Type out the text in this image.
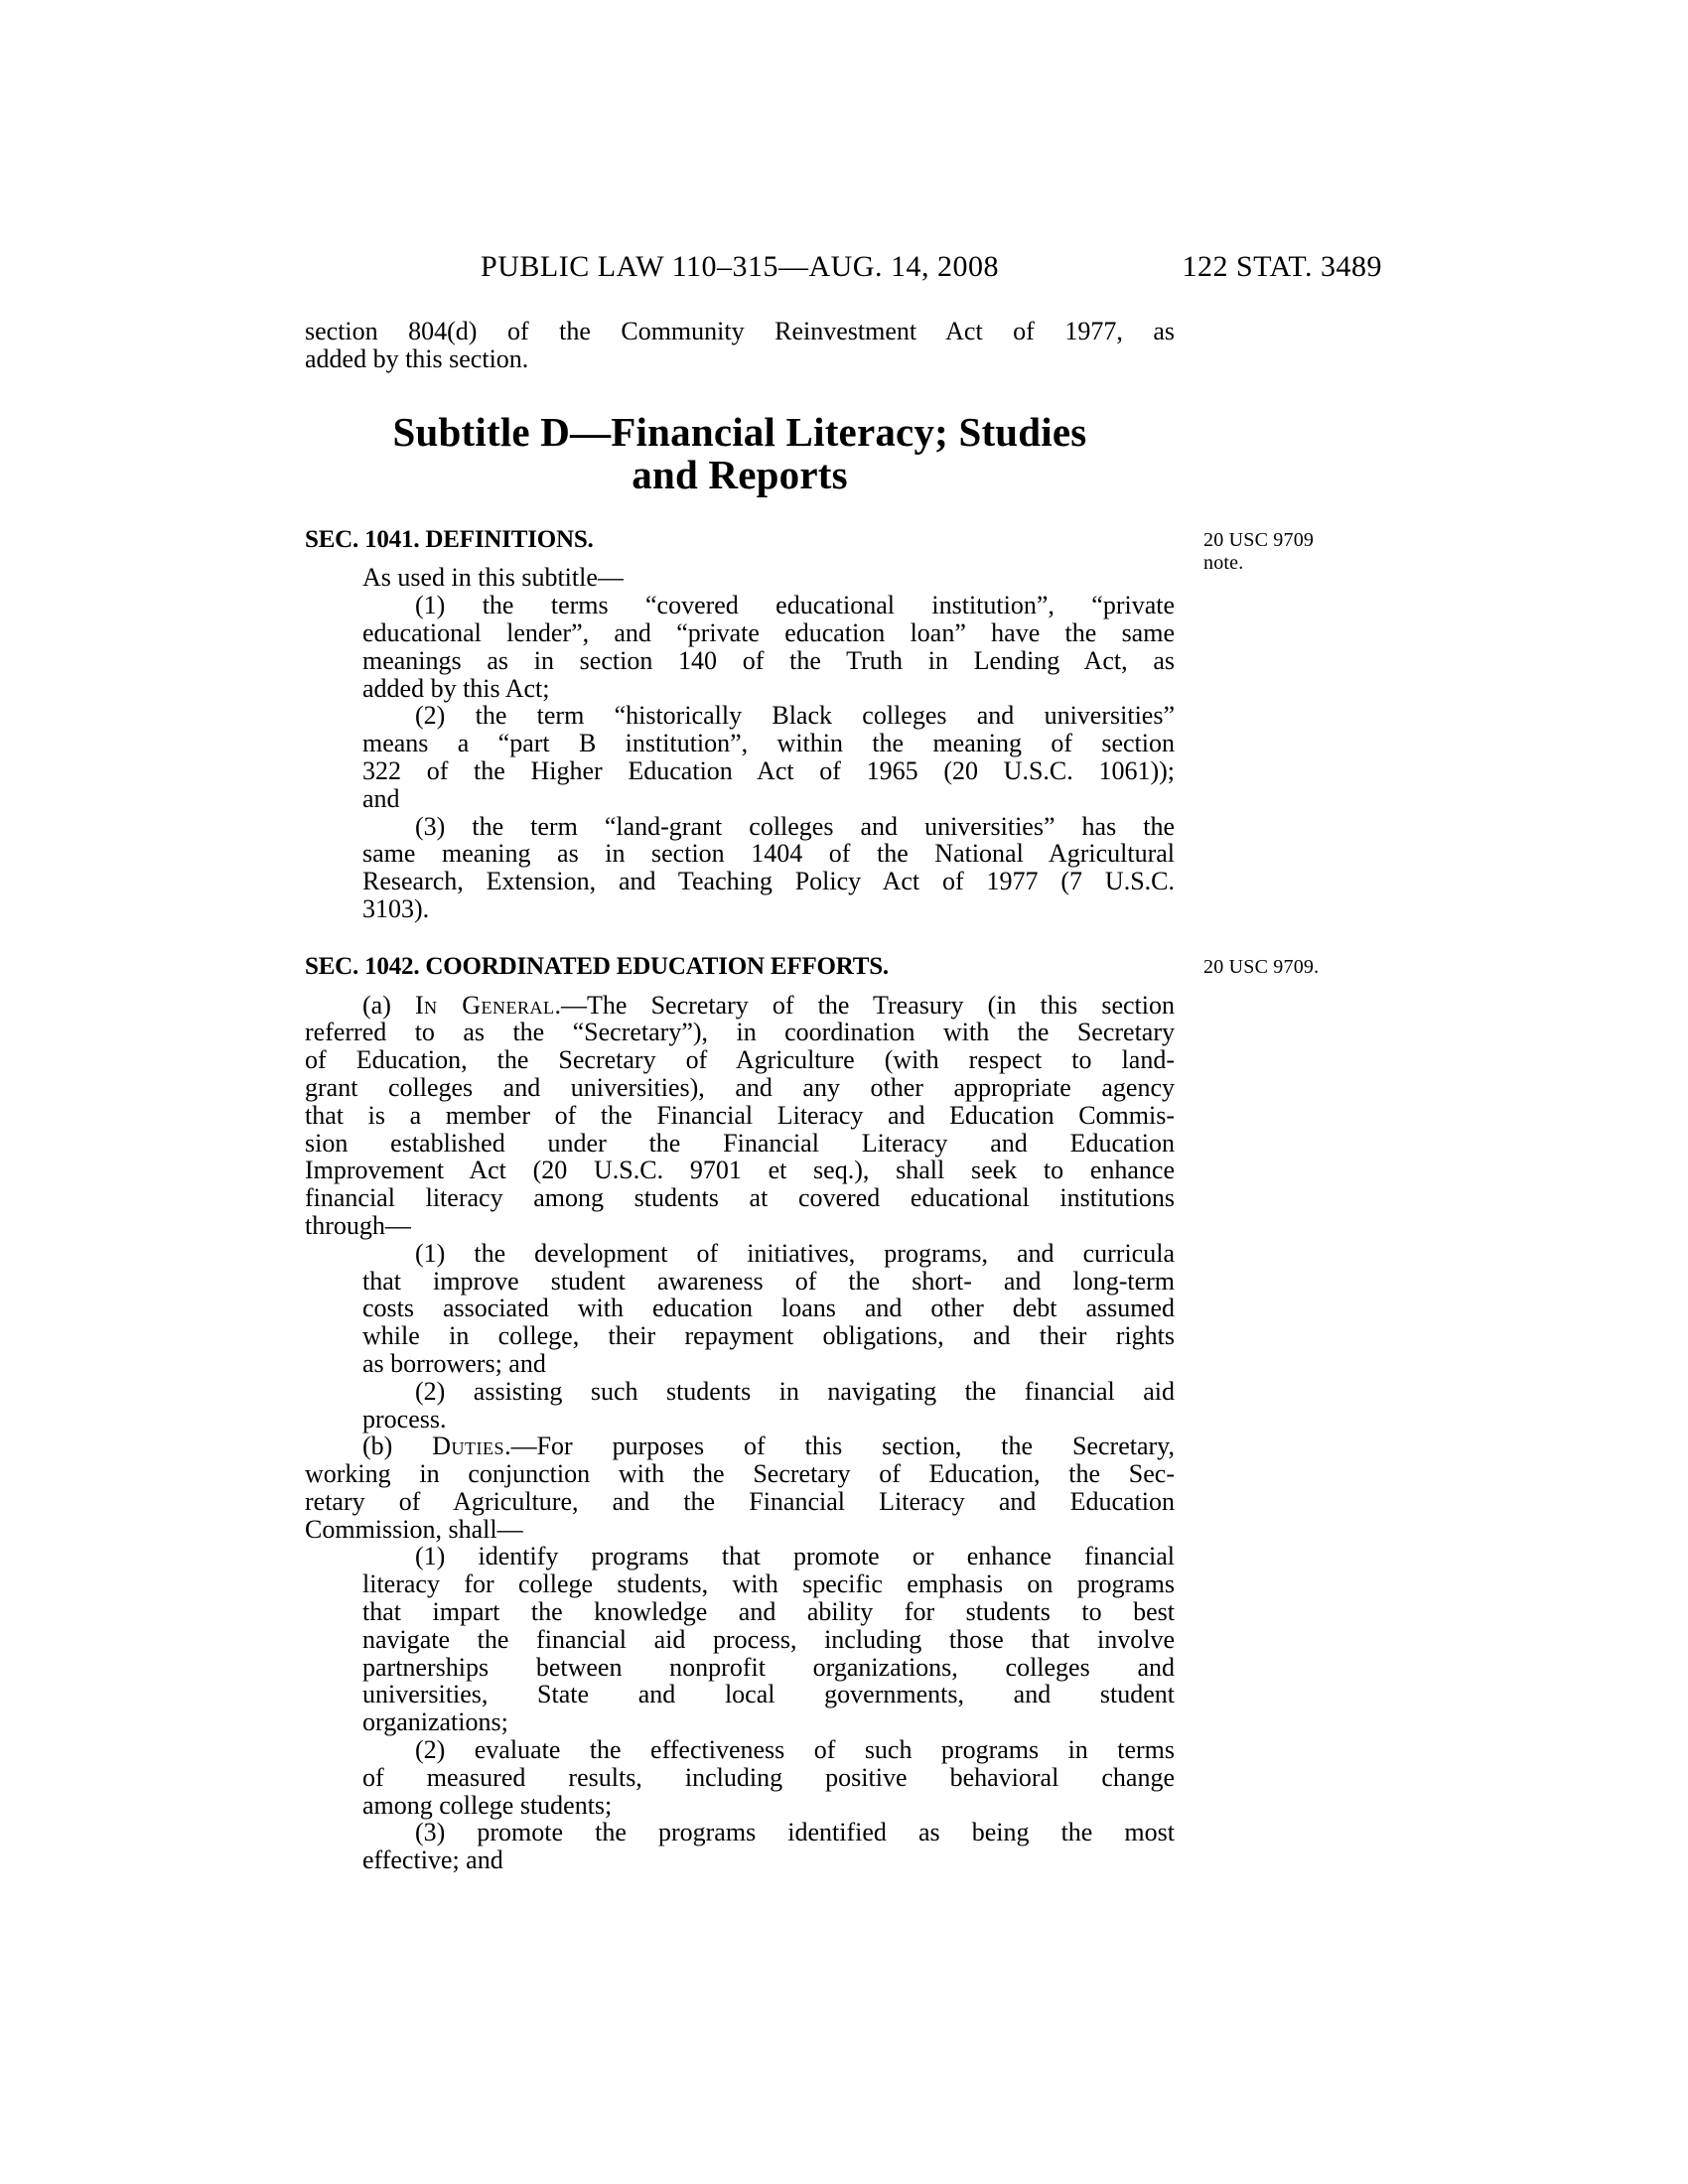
PUBLIC LAW 110–315—AUG. 14, 2008	122 STAT. 3489
section 804(d) of the Community Reinvestment Act of 1977, as
added by this section.
Subtitle D—Financial Literacy; Studies
and Reports
SEC. 1041. DEFINITIONS.	20 USC 9709
note.
As used in this subtitle—
(1) the terms “covered educational institution”, “private
educational lender”, and “private education loan” have the same
meanings as in section 140 of the Truth in Lending Act, as
added by this Act;
(2) the term “historically Black colleges and universities”
means a “part B institution”, within the meaning of section
322 of the Higher Education Act of 1965 (20 U.S.C. 1061));
and
(3) the term “land-grant colleges and universities” has the
same meaning as in section 1404 of the National Agricultural
Research, Extension, and Teaching Policy Act of 1977 (7 U.S.C.
3103).
SEC. 1042. COORDINATED EDUCATION EFFORTS.	20 USC 9709.
(a) In General.—The Secretary of the Treasury (in this section
referred to as the “Secretary”), in coordination with the Secretary
of Education, the Secretary of Agriculture (with respect to land-
grant colleges and universities), and any other appropriate agency
that is a member of the Financial Literacy and Education Commis-
sion established under the Financial Literacy and Education
Improvement Act (20 U.S.C. 9701 et seq.), shall seek to enhance
financial literacy among students at covered educational institutions
through—
(1) the development of initiatives, programs, and curricula
that improve student awareness of the short- and long-term
costs associated with education loans and other debt assumed
while in college, their repayment obligations, and their rights
as borrowers; and
(2) assisting such students in navigating the financial aid
process.
(b) Duties.—For purposes of this section, the Secretary,
working in conjunction with the Secretary of Education, the Sec-
retary of Agriculture, and the Financial Literacy and Education
Commission, shall—
(1) identify programs that promote or enhance financial
literacy for college students, with specific emphasis on programs
that impart the knowledge and ability for students to best
navigate the financial aid process, including those that involve
partnerships between nonprofit organizations, colleges and
universities, State and local governments, and student
organizations;
(2) evaluate the effectiveness of such programs in terms
of measured results, including positive behavioral change
among college students;
(3) promote the programs identified as being the most
effective; and
